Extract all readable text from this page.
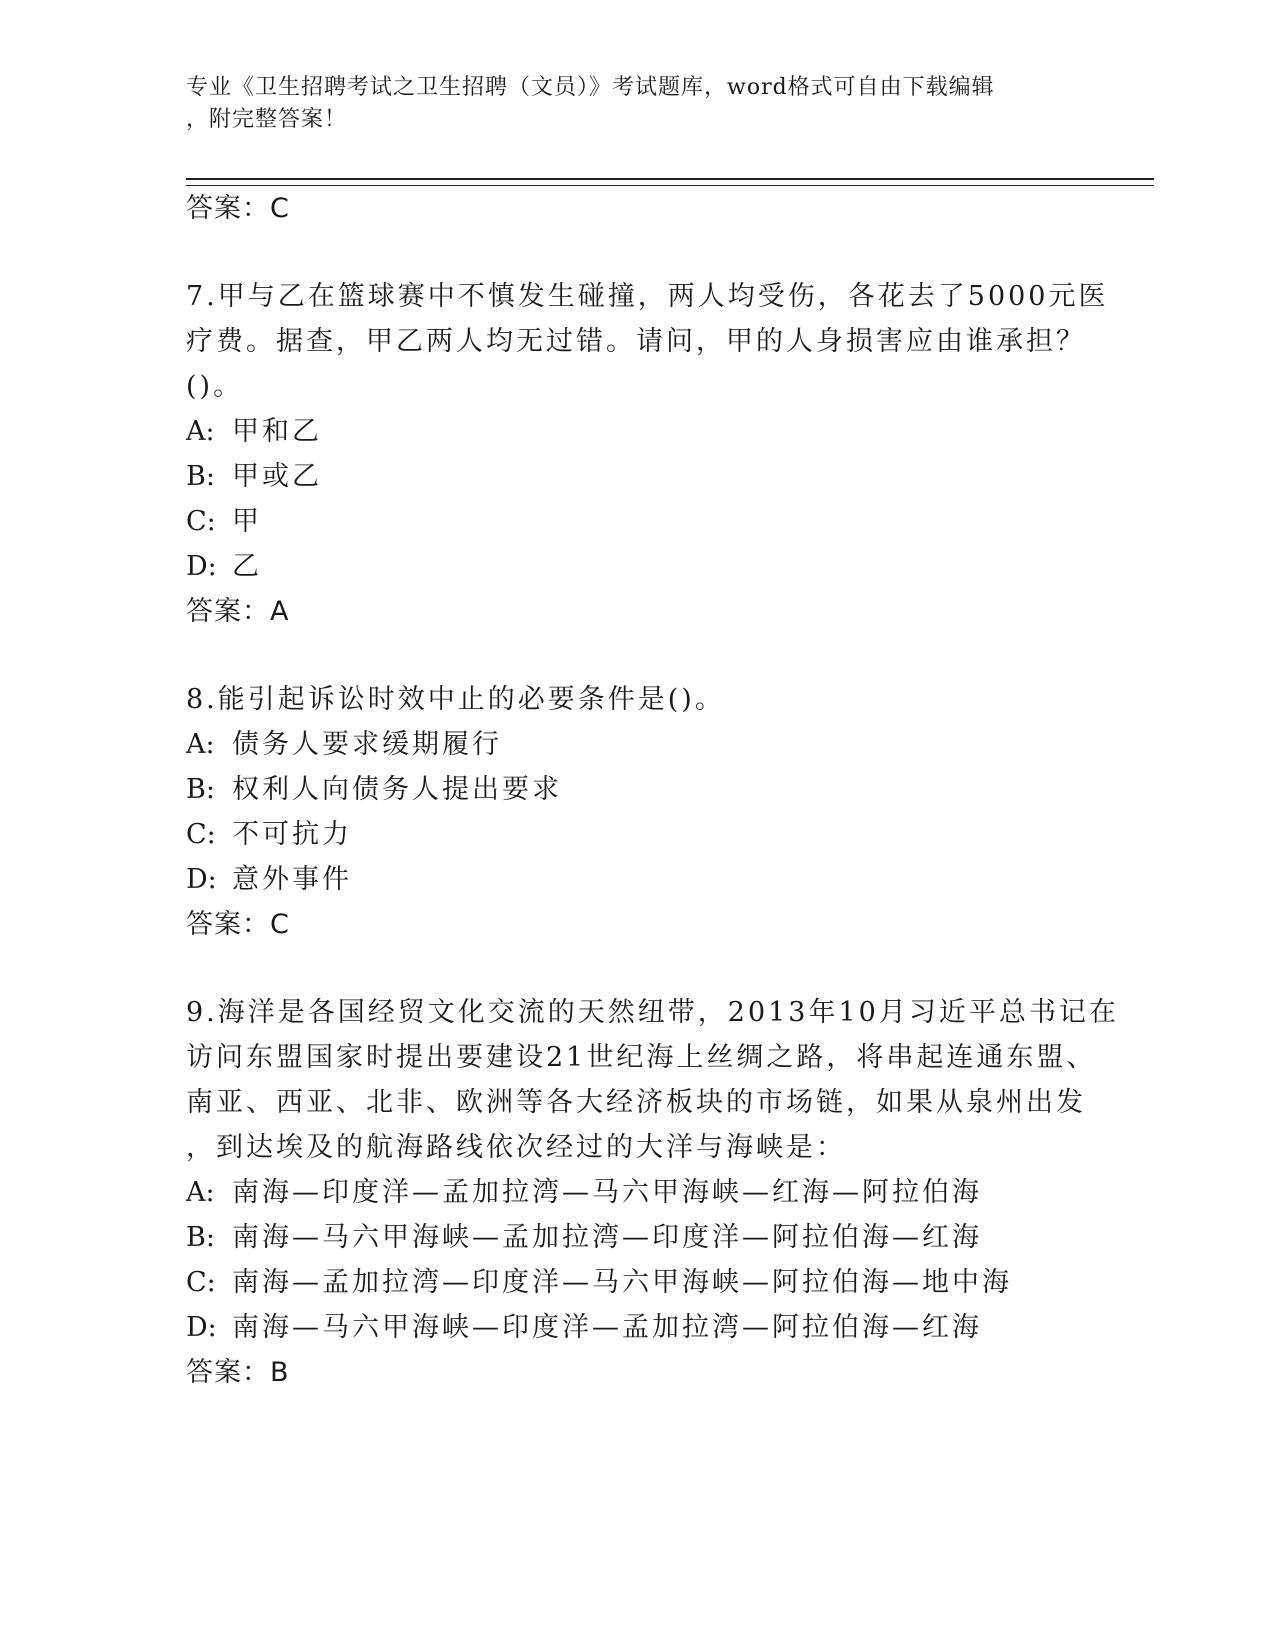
专业《卫生招聘考试之卫生招聘（文员）》考试题库，word格式可自由下载编辑
，附完整答案！
答案：C
7.甲与乙在篮球赛中不慎发生碰撞，两人均受伤，各花去了5000元医
疗费。据查，甲乙两人均无过错。请问，甲的人身损害应由谁承担？
()。
A: 甲和乙
B: 甲或乙
C: 甲
D: 乙
答案：A
8.能引起诉讼时效中止的必要条件是()。
A: 债务人要求缓期履行
B: 权利人向债务人提出要求
C: 不可抗力
D: 意外事件
答案：C
9.海洋是各国经贸文化交流的天然纽带，2013年10月习近平总书记在
访问东盟国家时提出要建设21世纪海上丝绸之路，将串起连通东盟、
南亚、西亚、北非、欧洲等各大经济板块的市场链，如果从泉州出发
，到达埃及的航海路线依次经过的大洋与海峡是：
A: 南海—印度洋—孟加拉湾—马六甲海峡—红海—阿拉伯海
B: 南海—马六甲海峡—孟加拉湾—印度洋—阿拉伯海—红海
C: 南海—孟加拉湾—印度洋—马六甲海峡—阿拉伯海—地中海
D: 南海—马六甲海峡—印度洋—孟加拉湾—阿拉伯海—红海
答案：B
